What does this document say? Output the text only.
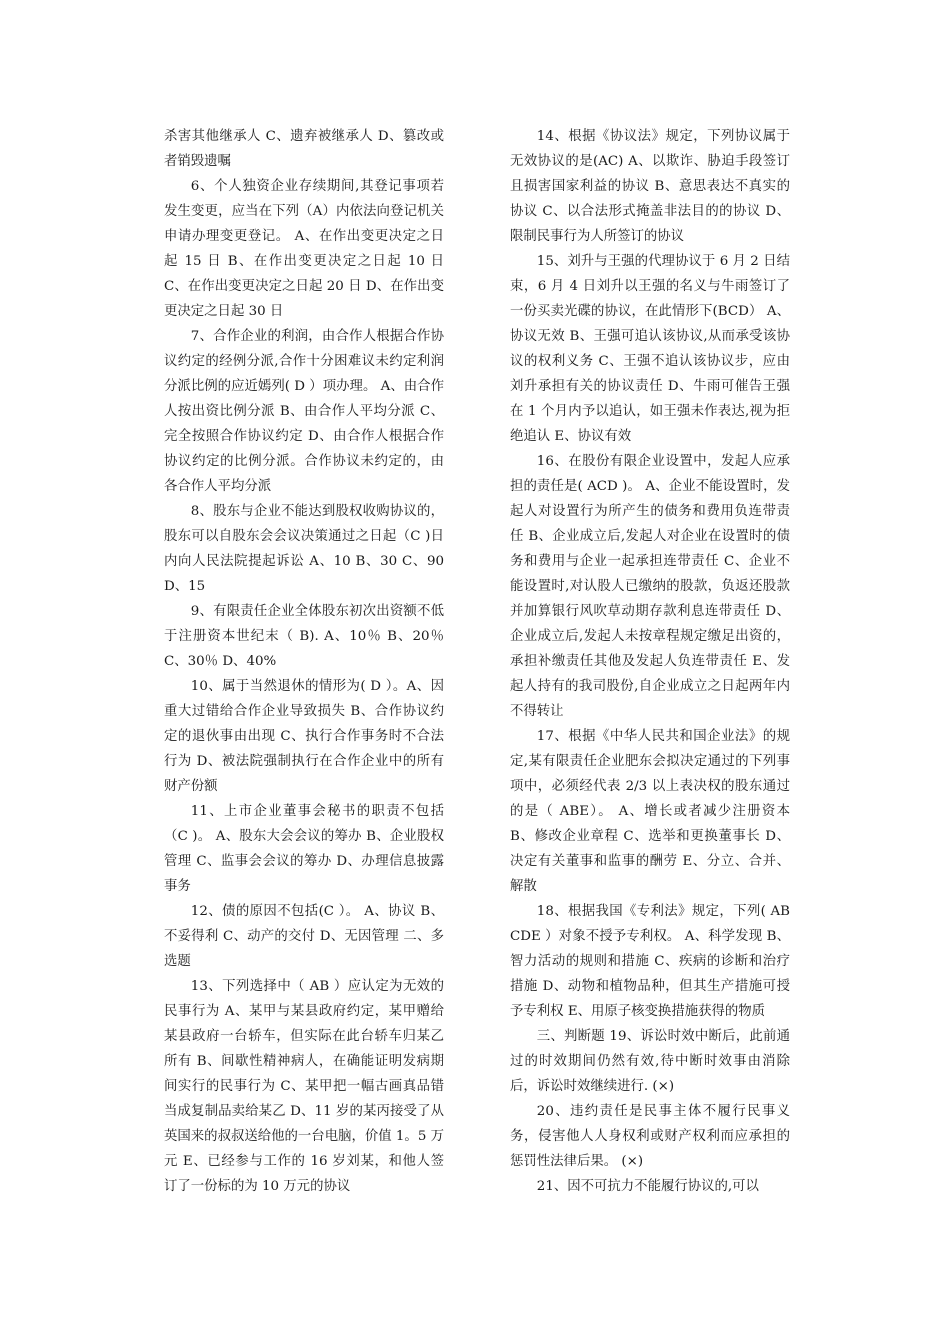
杀害其他继承人 C、遗弃被继承人 D、篡改或者销毁遗嘱

6、个人独资企业存续期间,其登记事项若发生变更，应当在下列（A）内依法向登记机关申请办理变更登记。 A、在作出变更决定之日起 15 日 B、在作出变更决定之日起 10 日 C、在作出变更决定之日起 20 日 D、在作出变更决定之日起 30 日

7、合作企业的利润，由合作人根据合作协议约定的经例分派,合作十分困难议未约定利润分派比例的应近嫣列( D ）项办理。 A、由合作人按出资比例分派 B、由合作人平均分派 C、完全按照合作协议约定 D、由合作人根据合作协议约定的比例分派。合作协议未约定的，由各合作人平均分派

8、股东与企业不能达到股权收购协议的，股东可以自股东会会议决策通过之日起（C )日内向人民法院提起诉讼 A、10 B、30 C、90 D、15

9、有限责任企业全体股东初次出资额不低于注册资本世纪末（ B). A、10％ B、20％ C、30％ D、40%

10、属于当然退休的情形为( D ）。A、因重大过错给合作企业导致损失 B、合作协议约定的退伙事由出现 C、执行合作事务时不合法行为 D、被法院强制执行在合作企业中的所有财产份额

11、上市企业董事会秘书的职责不包括（C )。 A、股东大会会议的筹办 B、企业股权管理 C、监事会会议的筹办 D、办理信息披露事务

12、债的原因不包括(C ）。 A、协议 B、不妥得利 C、动产的交付 D、无因管理 二、多选题

13、下列选择中（ AB ）应认定为无效的民事行为 A、某甲与某县政府约定，某甲赠给某县政府一台轿车，但实际在此台轿车归某乙所有 B、间歇性精神病人，在确能证明发病期间实行的民事行为 C、某甲把一幅古画真品错当成复制品卖给某乙 D、11 岁的某丙接受了从英国来的叔叔送给他的一台电脑，价值 1。5 万元 E、已经参与工作的 16 岁刘某，和他人签订了一份标的为 10 万元的协议

14、根据《协议法》规定，下列协议属于无效协议的是(AC) A、以欺诈、胁迫手段签订且损害国家利益的协议 B、意思表达不真实的协议 C、以合法形式掩盖非法目的的协议 D、限制民事行为人所签订的协议

15、刘升与王强的代理协议于 6 月 2 日结束，6 月 4 日刘升以王强的名义与牛雨签订了一份买卖光碟的协议，在此情形下(BCD） A、协议无效 B、王强可追认该协议,从而承受该协议的权利义务 C、王强不追认该协议步，应由刘升承担有关的协议责任 D、牛雨可催告王强在 1 个月内予以追认，如王强未作表达,视为拒绝追认 E、协议有效

16、在股份有限企业设置中，发起人应承担的责任是( ACD )。 A、企业不能设置时，发起人对设置行为所产生的债务和费用负连带责任 B、企业成立后,发起人对企业在设置时的债务和费用与企业一起承担连带责任 C、企业不能设置时,对认股人已缴纳的股款，负返还股款并加算银行风吹草动期存款利息连带责任 D、企业成立后,发起人未按章程规定缴足出资的，承担补缴责任其他及发起人负连带责任 E、发起人持有的我司股份,自企业成立之日起两年内不得转让

17、根据《中华人民共和国企业法》的规定,某有限责任企业肥东会拟决定通过的下列事项中，必须经代表 2/3 以上表决权的股东通过的是（ ABE）。 A、增长或者减少注册资本 B、修改企业章程 C、选举和更换董事长 D、决定有关董事和监事的酬劳 E、分立、合并、解散

18、根据我国《专利法》规定，下列( ABCDE ）对象不授予专利权。 A、科学发现 B、智力活动的规则和措施 C、疾病的诊断和治疗措施 D、动物和植物品种，但其生产措施可授予专利权 E、用原子核变换措施获得的物质

三、判断题 19、诉讼时效中断后，此前通过的时效期间仍然有效,待中断时效事由消除后，诉讼时效继续进行. (×)

20、违约责任是民事主体不履行民事义务，侵害他人人身权利或财产权利而应承担的惩罚性法律后果。 (×)

21、因不可抗力不能履行协议的,可以
